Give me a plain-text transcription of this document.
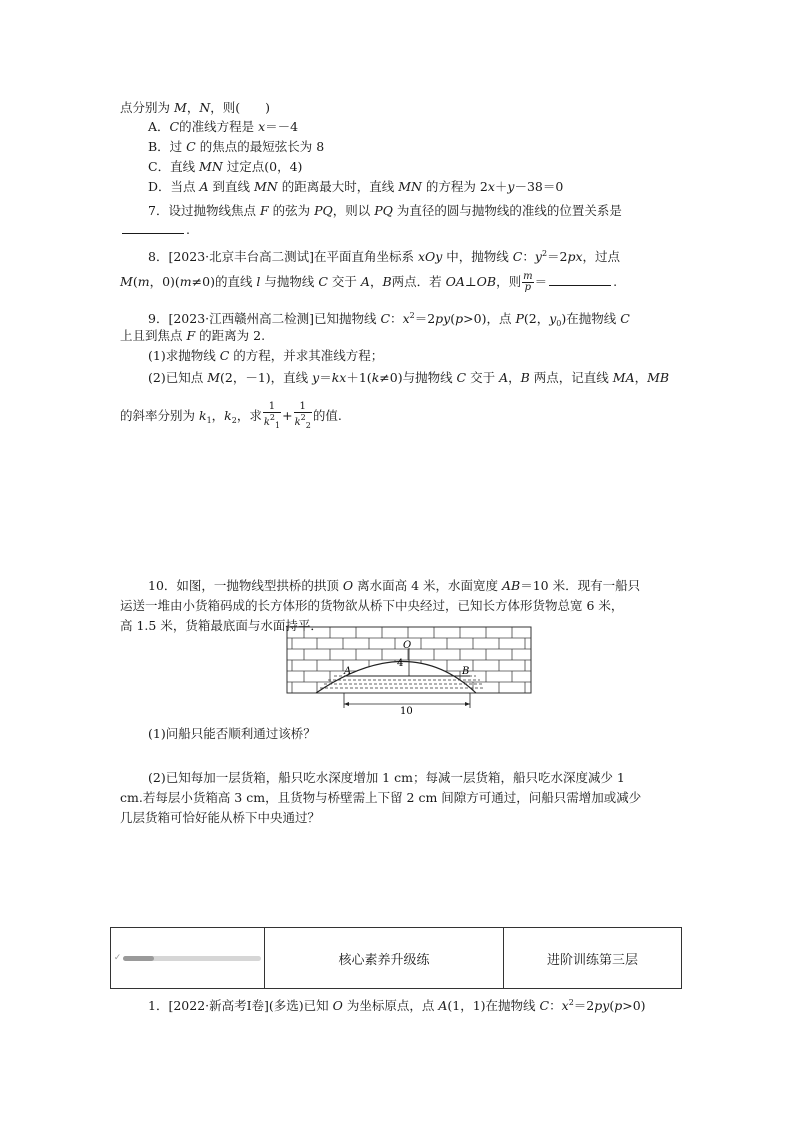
点分别为 M，N，则(　　)
A．C的准线方程是 x＝－4
B．过 C 的焦点的最短弦长为 8
C．直线 MN 过定点(0，4)
D．当点 A 到直线 MN 的距离最大时，直线 MN 的方程为 2x＋y－38＝0
7．设过抛物线焦点 F 的弦为 PQ，则以 PQ 为直径的圆与抛物线的准线的位置关系是
.
8．[2023·北京丰台高二测试]在平面直角坐标系 xOy 中，抛物线 C：$y^2=2px$，过点
M(m，0)(m≠0)的直线 l 与抛物线 C 交于 A，B两点．若 OA⊥OB，则 $\frac{m}{p}$ ＝	.
9．[2023·江西赣州高二检测]已知抛物线 C：$x^2=2py(p>0)$，点 P(2，$y_0$)在抛物线 C
上且到焦点 F 的距离为 2.
(1)求抛物线 C 的方程，并求其准线方程；
(2)已知点 M(2，－1)，直线 y＝kx＋1(k≠0)与抛物线 C 交于 A，B 两点，记直线 MA，MB
的斜率分别为 $k_1$，$k_2$，求 $\frac{1}{k^2_1} + \frac{1}{k^2_2}$ 的值.
10．如图，一抛物线型拱桥的拱顶 O 离水面高 4 米，水面宽度 AB＝10 米．现有一船只
运送一堆由小货箱码成的长方体形的货物欲从桥下中央经过，已知长方体形货物总宽 6 米，
高 1.5 米，货箱最底面与水面持平．
O
4
A	B
10
(1)问船只能否顺利通过该桥？
(2)已知每加一层货箱，船只吃水深度增加 1 cm；每减一层货箱，船只吃水深度减少 1
cm.若每层小货箱高 3 cm，且货物与桥壁需上下留 2 cm 间隙方可通过，问船只需增加或减少
几层货箱可恰好能从桥下中央通过？
✓	核心素养升级练	进阶训练第三层
1．[2022·新高考Ⅰ卷](多选)已知 O 为坐标原点，点 A(1，1)在抛物线 C：$x^2=2py(p>0)$
